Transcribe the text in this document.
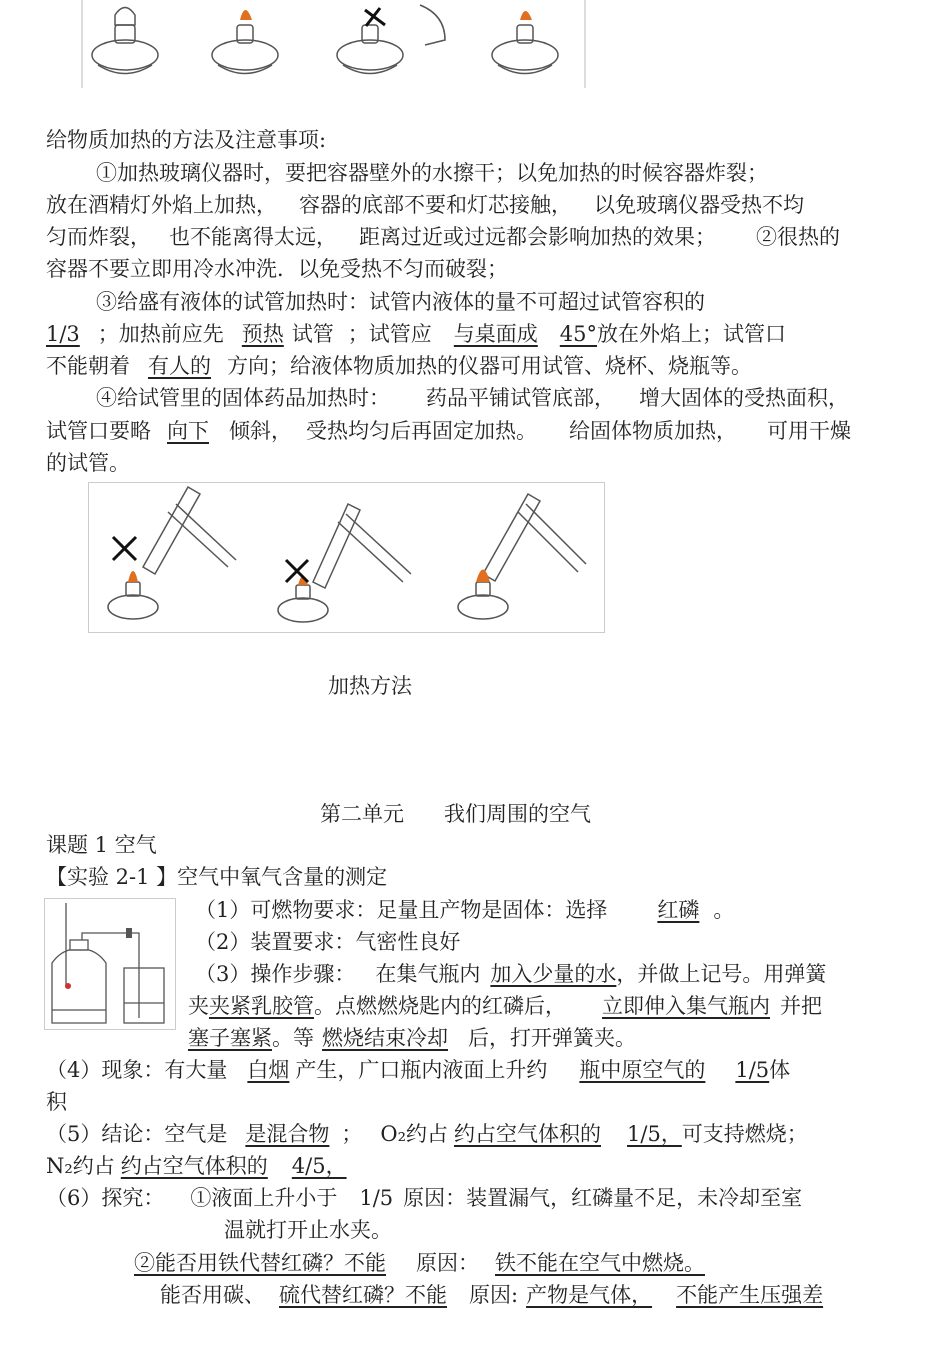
给物质加热的方法及注意事项:
①加热玻璃仪器时，要把容器壁外的水擦干；以免加热的时候容器炸裂；
放在酒精灯外焰上加热， 容器的底部不要和灯芯接触， 以免玻璃仪器受热不均
匀而炸裂， 也不能离得太远， 距离过近或过远都会影响加热的效果； ②很热的
容器不要立即用冷水冲洗．以免受热不匀而破裂；
③给盛有液体的试管加热时：试管内液体的量不可超过试管容积的
1/3 ；加热前应先 预热 试管 ；试管应 与桌面成 45°放在外焰上；试管口
不能朝着 有人的 方向；给液体物质加热的仪器可用试管、烧杯、烧瓶等。
④给试管里的固体药品加热时： 药品平铺试管底部， 增大固体的受热面积，
试管口要略 向下 倾斜， 受热均匀后再固定加热。 给固体物质加热， 可用干燥
的试管。
加热方法
第二单元 我们周围的空气
课题 1 空气
【实验 2-1 】空气中氧气含量的测定
（1）可燃物要求：足量且产物是固体：选择 红磷 。
（2）装置要求：气密性良好
（3）操作步骤： 在集气瓶内 加入少量的水，并做上记号。用弹簧
夹夹紧乳胶管。点燃燃烧匙内的红磷后， 立即伸入集气瓶内 并把
塞子塞紧。等 燃烧结束冷却 后，打开弹簧夹。
（4）现象：有大量 白烟 产生，广口瓶内液面上升约 瓶中原空气的 1/5体
积
（5）结论：空气是 是混合物 ； O₂约占 约占空气体积的 1/5，可支持燃烧；
N₂约占 约占空气体积的 4/5，
（6）探究： ①液面上升小于 1/5 原因：装置漏气，红磷量不足，未冷却至室
温就打开止水夹。
②能否用铁代替红磷？不能 原因： 铁不能在空气中燃烧。
能否用碳、 硫代替红磷？不能 原因: 产物是气体， 不能产生压强差
